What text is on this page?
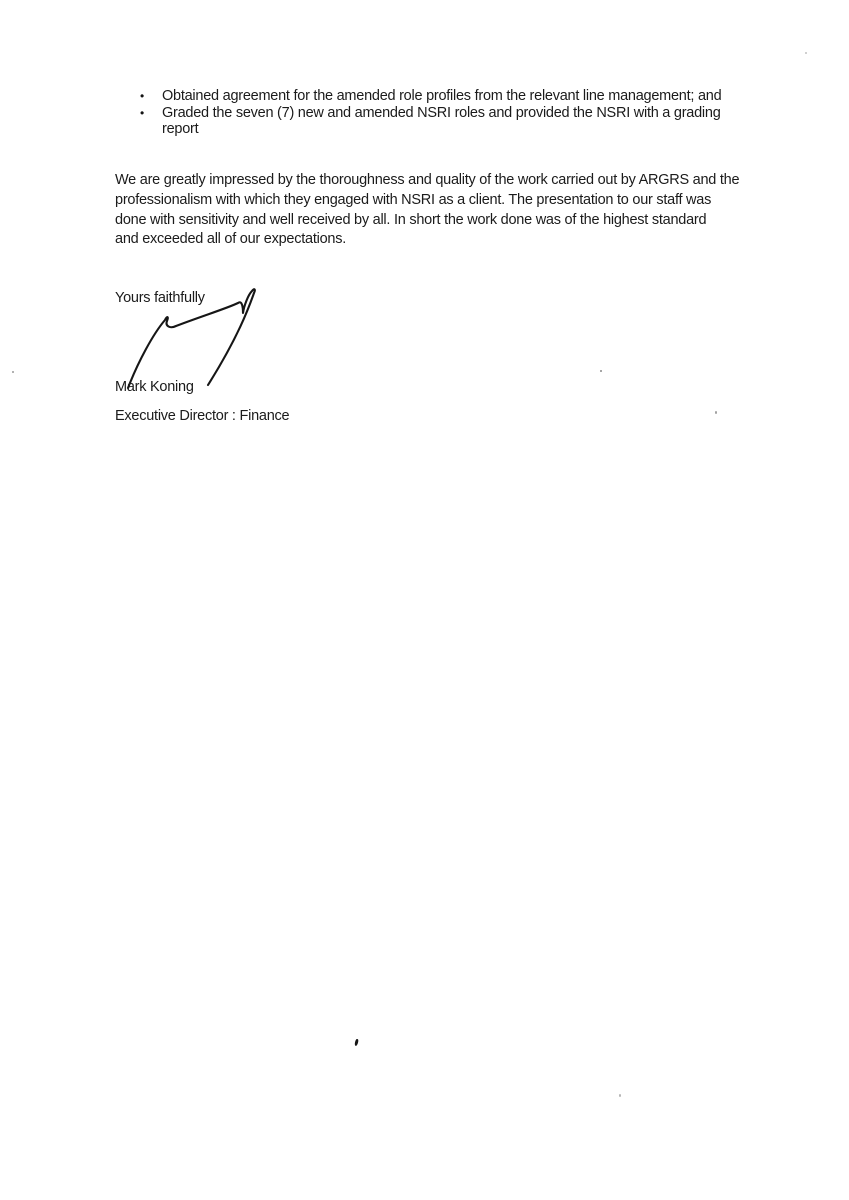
•	Obtained agreement for the amended role profiles from the relevant line management; and
•	Graded the seven (7) new and amended NSRI roles and provided the NSRI with a grading
report
We are greatly impressed by the thoroughness and quality of the work carried out by ARGRS and the
professionalism with which they engaged with NSRI as a client. The presentation to our staff was
done with sensitivity and well received by all. In short the work done was of the highest standard
and exceeded all of our expectations.
Yours faithfully
Mark Koning
Executive Director : Finance
